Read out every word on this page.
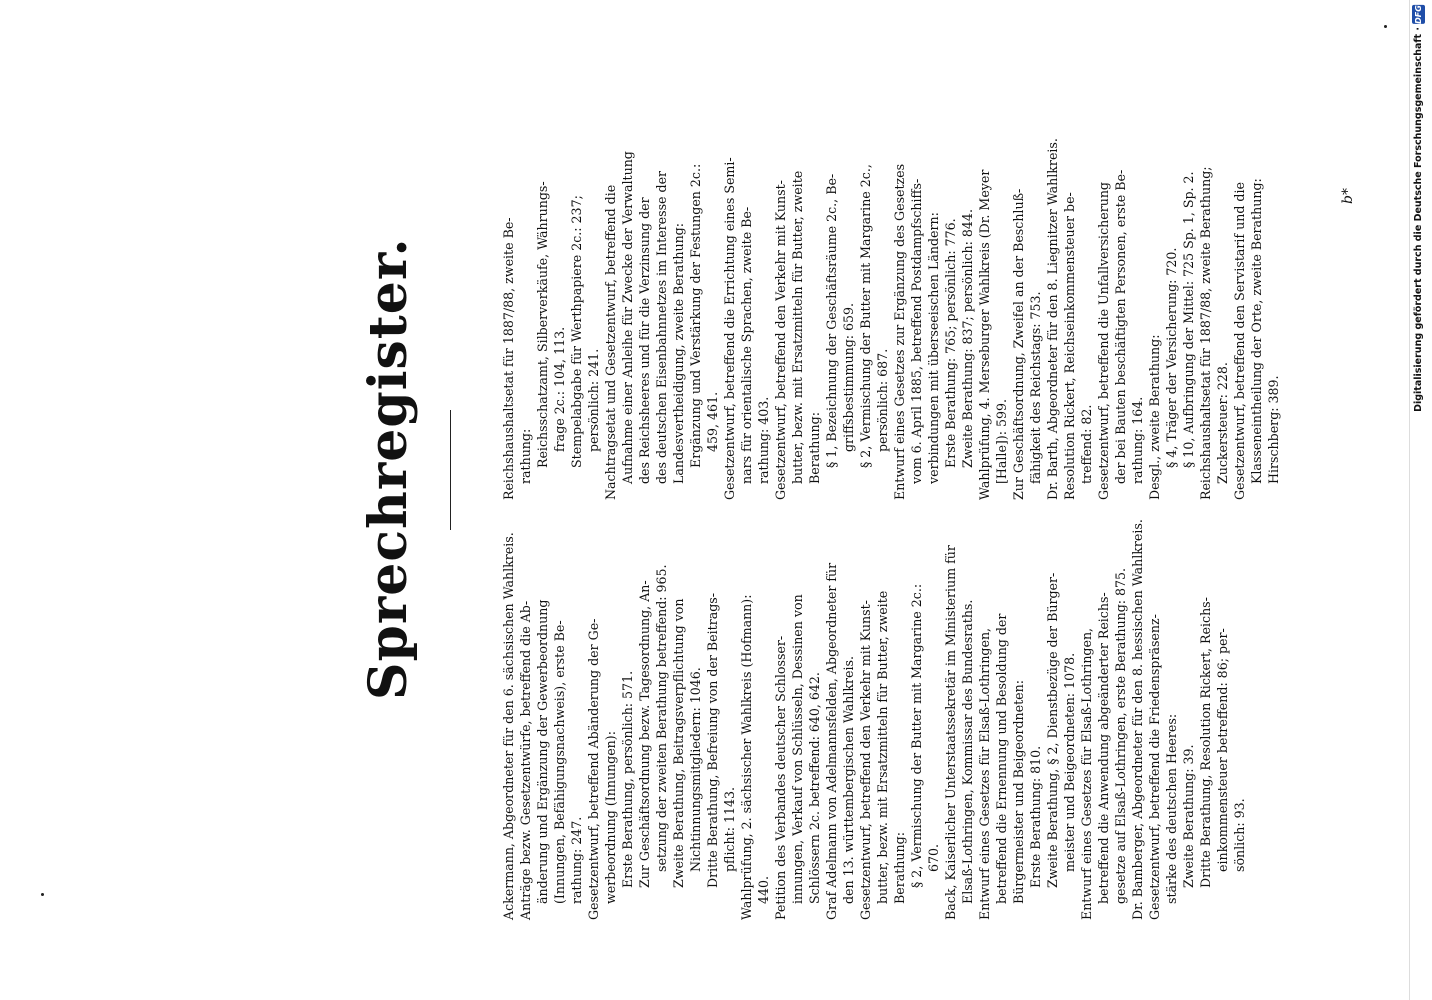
Sprechregister.
Ackermann, Abgeordneter für den 6. sächsischen Wahlkreis. Anträge bezw. Gesetzentwürfe, betreffend die Ab- änderung und Ergänzung der Gewerbeordnung (Innungen, Befähigungsnachweis), erste Be- rathung: 247. Gesetzentwurf, betreffend Abänderung der Ge- werbeordnung (Innungen): Erste Berathung, persönlich: 571. Zur Geschäftsordnung bezw. Tagesordnung, An- setzung der zweiten Berathung betreffend: 965. Zweite Berathung, Beitragsverpflichtung von Nichtinnungsmitgliedern: 1046. Dritte Berathung, Befreiung von der Beitrags- pflicht: 1143. Wahlprüfung, 2. sächsischer Wahlkreis (Hofmann): 440. Petition des Verbandes deutscher Schlosser- innungen, Verkauf von Schlüsseln, Dessinen von Schlössern 2c. betreffend: 640, 642. Graf Adelmann von Adelmannsfelden, Abgeordneter für den 13. württembergischen Wahlkreis. Gesetzentwurf, betreffend den Verkehr mit Kunst- butter, bezw. mit Ersatzmitteln für Butter, zweite Berathung: § 2, Vermischung der Butter mit Margarine 2c.: 670. Back, Kaiserlicher Unterstaatssekretär im Ministerium für Elsaß-Lothringen, Kommissar des Bundesraths. Entwurf eines Gesetzes für Elsaß-Lothringen, betreffend die Ernennung und Besoldung der Bürgermeister und Beigeordneten: Erste Berathung: 810. Zweite Berathung, § 2, Dienstbezüge der Bürger- meister und Beigeordneten: 1078. Entwurf eines Gesetzes für Elsaß-Lothringen, betreffend die Anwendung abgeänderter Reichs- gesetze auf Elsaß-Lothringen, erste Berathung: 875. Dr. Bamberger, Abgeordneter für den 8. hessischen Wahlkreis. Gesetzentwurf, betreffend die Friedenspräsenz- stärke des deutschen Heeres: Zweite Berathung: 39. Dritte Berathung, Resolution Rickert, Reichs- einkommensteuer betreffend: 86; per- sönlich: 93.
Reichshaushaltsetat für 1887/88, zweite Be- rathung: Reichsschatzamt, Silberverkäufe, Währungs- frage 2c.: 104, 113. Stempelabgabe für Werthpapiere 2c.: 237; persönlich: 241. Nachtragsetat und Gesetzentwurf, betreffend die Aufnahme einer Anleihe für Zwecke der Verwaltung des Reichsheeres und für die Verzinsung der des deutschen Eisenbahnnetzes im Interesse der Landesvertheidigung, zweite Berathung: Ergänzung und Verstärkung der Festungen 2c.: 459, 461. Gesetzentwurf, betreffend die Errichtung eines Semi- nars für orientalische Sprachen, zweite Be- rathung: 403. Gesetzentwurf, betreffend den Verkehr mit Kunst- butter, bezw. mit Ersatzmitteln für Butter, zweite Berathung: § 1, Bezeichnung der Geschäftsräume 2c., Be- griffsbestimmung: 659. § 2, Vermischung der Butter mit Margarine 2c., persönlich: 687. Entwurf eines Gesetzes zur Ergänzung des Gesetzes vom 6. April 1885, betreffend Postdampfschiffs- verbindungen mit überseeischen Ländern: Erste Berathung: 765; persönlich: 776. Zweite Berathung: 837; persönlich: 844. Wahlprüfung, 4. Merseburger Wahlkreis (Dr. Meyer [Halle]): 599. Zur Geschäftsordnung, Zweifel an der Beschluß- fähigkeit des Reichstags: 753. Dr. Barth, Abgeordneter für den 8. Liegnitzer Wahlkreis. Resolution Rickert, Reichseinkommensteuer be- treffend: 82. Gesetzentwurf, betreffend die Unfallversicherung der bei Bauten beschäftigten Personen, erste Be- rathung: 164. Desgl., zweite Berathung: § 4, Träger der Versicherung: 720. § 10, Aufbringung der Mittel: 725 Sp. 1, Sp. 2. Reichshaushaltsetat für 1887/88, zweite Berathung; Zuckersteuer: 228. Gesetzentwurf, betreffend den Servistarif und die Klasseneintheilung der Orte, zweite Berathung: Hirschberg: 389.
b*	Digitalisierung gefördert durch die Deutsche Forschungsgemeinschaft · DFG
